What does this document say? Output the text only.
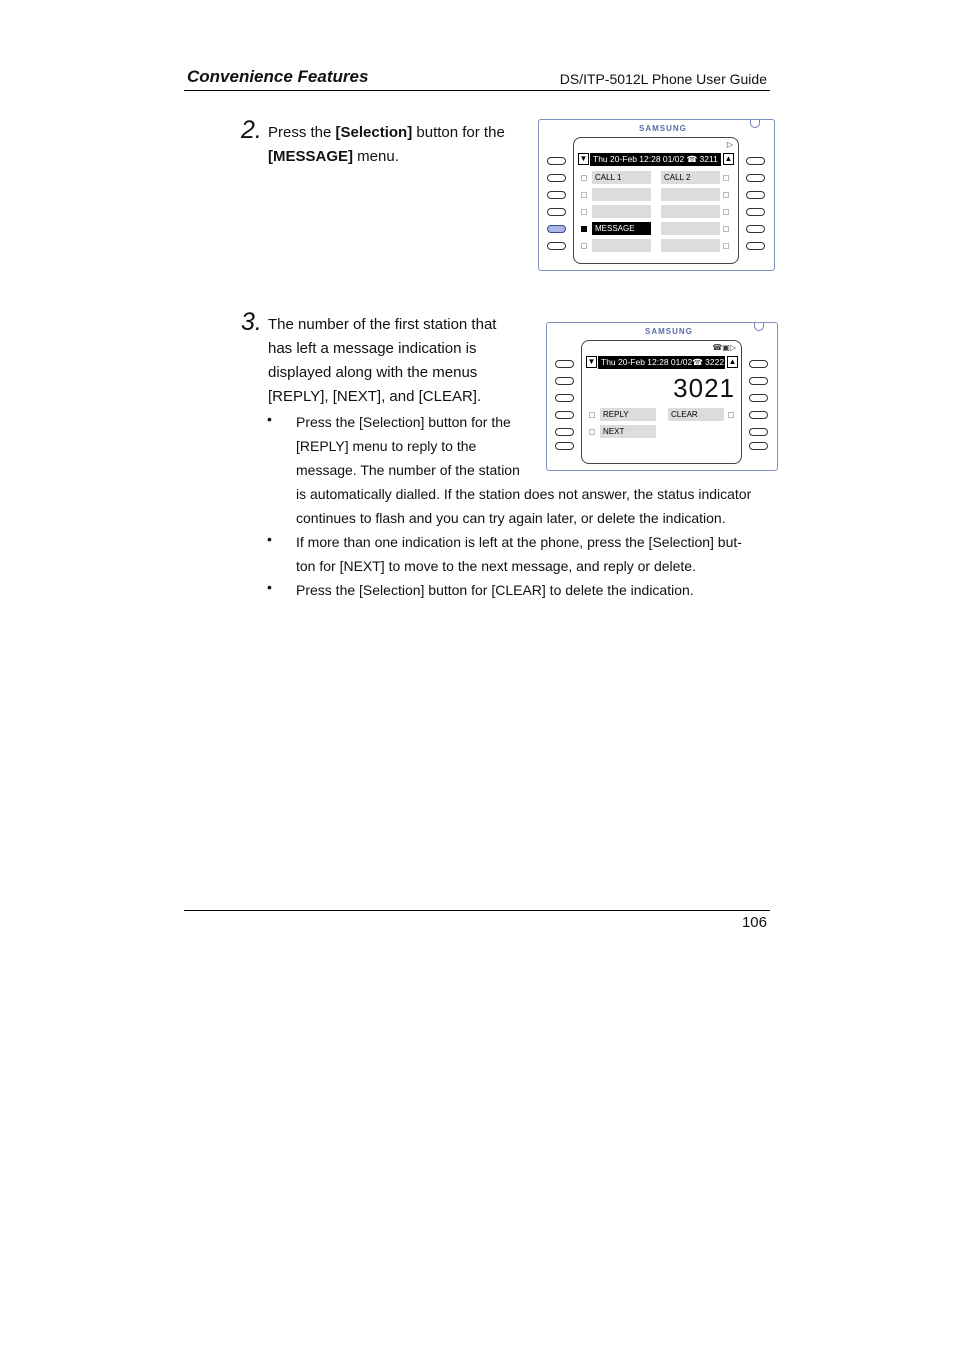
Convenience Features	DS/ITP-5012L Phone User Guide
2. Press the [Selection] button for the
[MESSAGE] menu.
SAMSUNG
▷
▼ Thu 20-Feb 12:28 01/02 ☎ 3211 ▲
CALL 1	CALL 2
MESSAGE
3. The number of the first station that
has left a message indication is
displayed along with the menus
[REPLY], [NEXT], and [CLEAR].
• Press the [Selection] button for the
[REPLY] menu to reply to the
message. The number of the station
is automatically dialled. If the station does not answer, the status indicator
continues to flash and you can try again later, or delete the indication.
• If more than one indication is left at the phone, press the [Selection] but-
ton for [NEXT] to move to the next message, and reply or delete.
• Press the [Selection] button for [CLEAR] to delete the indication.
SAMSUNG
☎▣▷
▼ Thu 20-Feb 12:28 01/02☎ 3222 ▲
3021
REPLY	CLEAR
NEXT
106
